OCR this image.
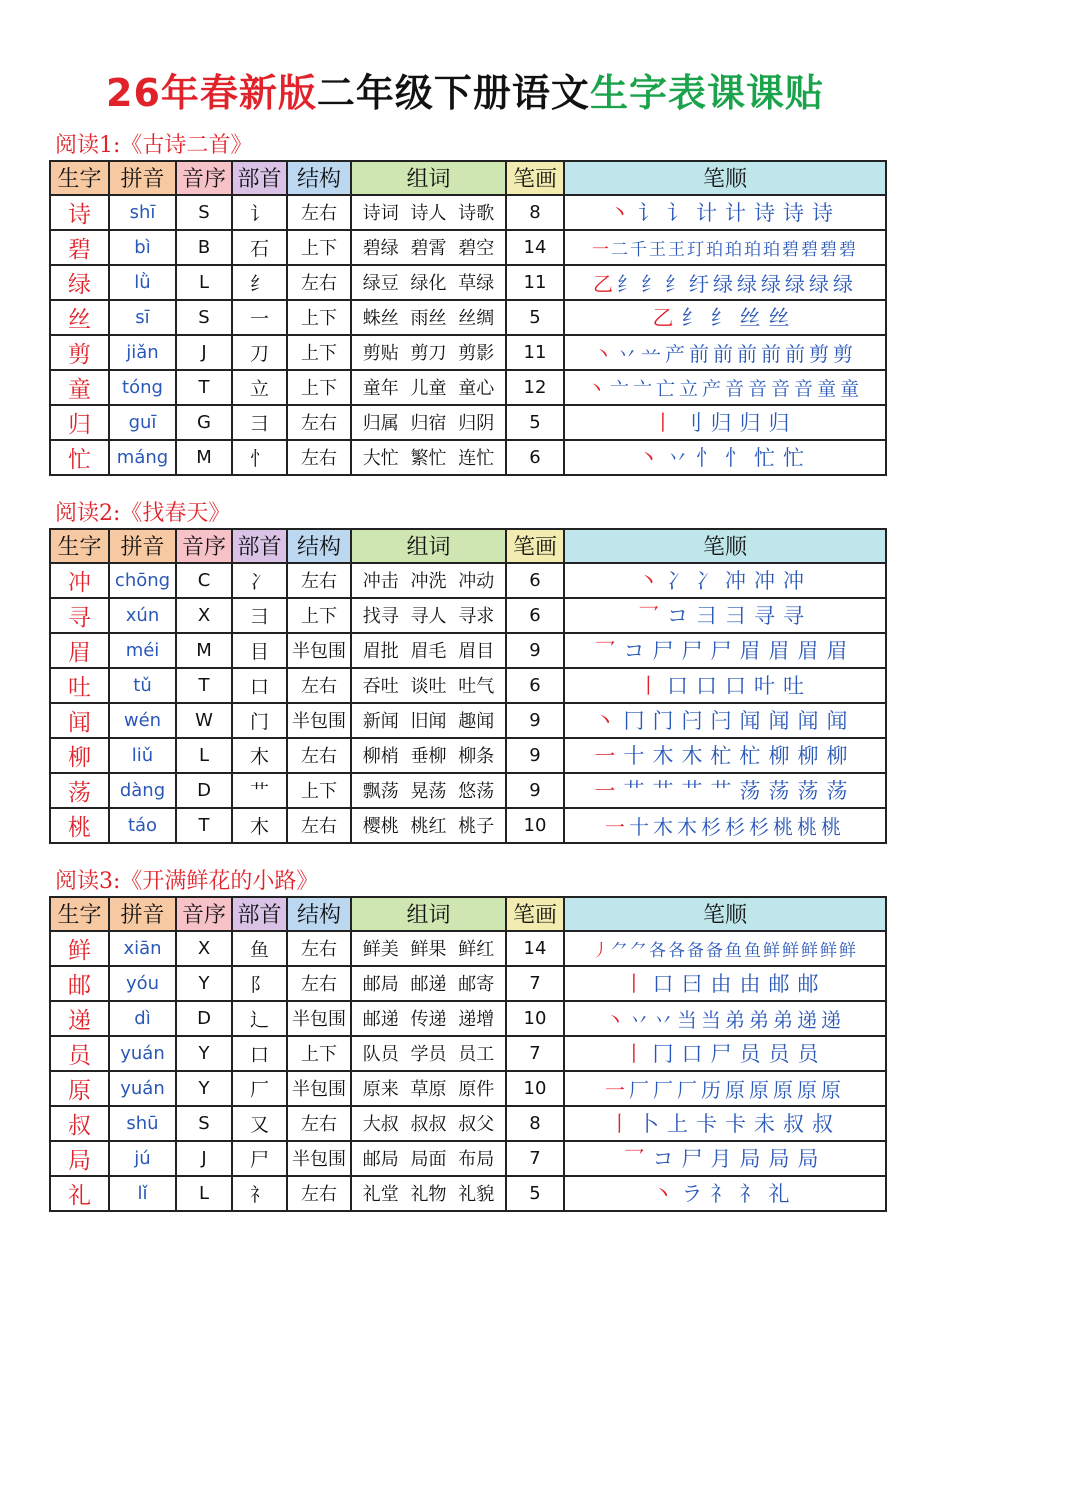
26年春新版二年级下册语文生字表课课贴
阅读1:《古诗二首》
生字	拼音	音序	部首	结构	组词	笔画	笔顺
诗	shī	S	讠	左右	诗词 诗人 诗歌	8	丶 讠 讠 计 计 诗 诗 诗
碧	bì	B	石	上下	碧绿 碧霄 碧空	14	一 二 千 王 王 玎 珀 珀 珀 珀 碧 碧 碧 碧
绿	lǜ	L	纟	左右	绿豆 绿化 草绿	11	乙 纟 纟 纟 纡 绿 绿 绿 绿 绿 绿
丝	sī	S	一	上下	蛛丝 雨丝 丝绸	5	乙 纟 纟 丝 丝
剪	jiǎn	J	刀	上下	剪贴 剪刀 剪影	11	丶 丷 䒑 产 前 前 前 前 前 剪 剪
童	tóng	T	立	上下	童年 儿童 童心	12	丶 亠 亠 亡 立 产 音 音 音 音 童 童
归	guī	G	彐	左右	归属 归宿 归阴	5	丨 刂 归 归 归
忙	máng	M	忄	左右	大忙 繁忙 连忙	6	丶 丷 忄 忄 忙 忙
阅读2:《找春天》
生字	拼音	音序	部首	结构	组词	笔画	笔顺
冲	chōng	C	冫	左右	冲击 冲洗 冲动	6	丶 冫 冫 冲 冲 冲
寻	xún	X	彐	上下	找寻 寻人 寻求	6	乛 コ 彐 彐 寻 寻
眉	méi	M	目	半包围	眉批 眉毛 眉目	9	乛 コ 尸 尸 尸 眉 眉 眉 眉
吐	tǔ	T	口	左右	吞吐 谈吐 吐气	6	丨 口 口 口 叶 吐
闻	wén	W	门	半包围	新闻 旧闻 趣闻	9	丶 冂 门 闩 闩 闻 闻 闻 闻
柳	liǔ	L	木	左右	柳梢 垂柳 柳条	9	一 十 木 木 杧 杧 柳 柳 柳
荡	dàng	D	艹	上下	飘荡 晃荡 悠荡	9	一 艹 艹 艹 艹 荡 荡 荡 荡
桃	táo	T	木	左右	樱桃 桃红 桃子	10	一 十 木 木 杉 杉 杉 桃 桃 桃
阅读3:《开满鲜花的小路》
生字	拼音	音序	部首	结构	组词	笔画	笔顺
鲜	xiān	X	鱼	左右	鲜美 鲜果 鲜红	14	丿 ⺈ ⺈ 各 各 备 备 鱼 鱼 鲜 鲜 鲜 鲜 鲜
邮	yóu	Y	阝	左右	邮局 邮递 邮寄	7	丨 口 曰 由 由 邮 邮
递	dì	D	辶	半包围	邮递 传递 递增	10	丶 丷 丷 当 当 弟 弟 弟 递 递
员	yuán	Y	口	上下	队员 学员 员工	7	丨 冂 口 尸 员 员 员
原	yuán	Y	厂	半包围	原来 草原 原件	10	一 厂 厂 厂 历 原 原 原 原 原
叔	shū	S	又	左右	大叔 叔叔 叔父	8	丨 卜 上 卡 卡 未 叔 叔
局	jú	J	尸	半包围	邮局 局面 布局	7	乛 コ 尸 月 局 局 局
礼	lǐ	L	礻	左右	礼堂 礼物 礼貌	5	丶 ラ 礻 礻 礼
